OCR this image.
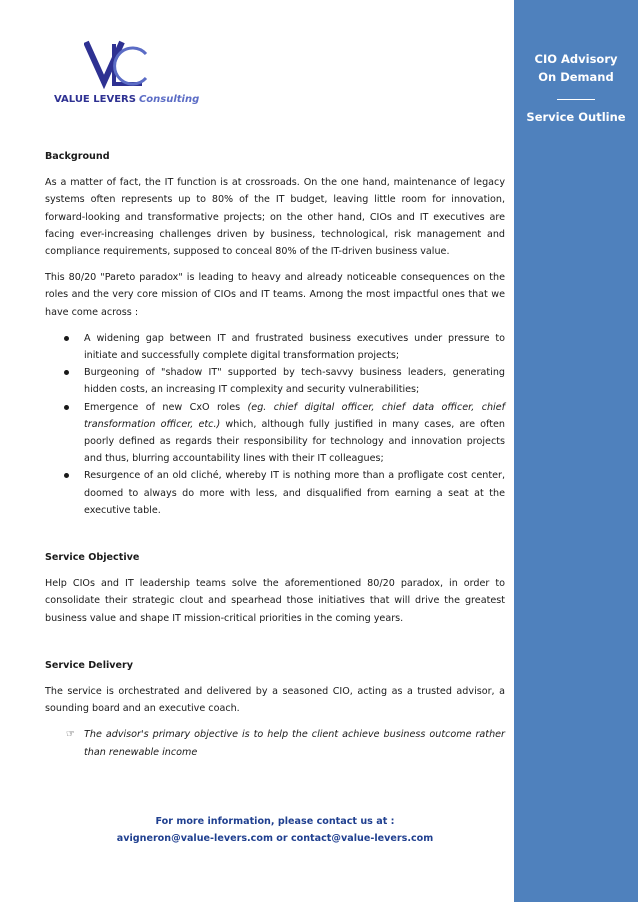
VALUE LEVERS Consulting
CIO Advisory
On Demand
Service Outline

Background

As a matter of fact, the IT function is at crossroads. On the one hand, maintenance of legacy systems often represents up to 80% of the IT budget, leaving little room for innovation, forward-looking and transformative projects; on the other hand, CIOs and IT executives are facing ever-increasing challenges driven by business, technological, risk management and compliance requirements, supposed to conceal 80% of the IT-driven business value.

This 80/20 "Pareto paradox" is leading to heavy and already noticeable consequences on the roles and the very core mission of CIOs and IT teams. Among the most impactful ones that we have come across :

A widening gap between IT and frustrated business executives under pressure to initiate and successfully complete digital transformation projects;
Burgeoning of "shadow IT" supported by tech-savvy business leaders, generating hidden costs, an increasing IT complexity and security vulnerabilities;
Emergence of new CxO roles (eg. chief digital officer, chief data officer, chief transformation officer, etc.) which, although fully justified in many cases, are often poorly defined as regards their responsibility for technology and innovation projects and thus, blurring accountability lines with their IT colleagues;
Resurgence of an old cliché, whereby IT is nothing more than a profligate cost center, doomed to always do more with less, and disqualified from earning a seat at the executive table.

Service Objective

Help CIOs and IT leadership teams solve the aforementioned 80/20 paradox, in order to consolidate their strategic clout and spearhead those initiatives that will drive the greatest business value and shape IT mission-critical priorities in the coming years.

Service Delivery

The service is orchestrated and delivered by a seasoned CIO, acting as a trusted advisor, a sounding board and an executive coach.

☞ The advisor's primary objective is to help the client achieve business outcome rather than renewable income
For more information, please contact us at :
avigneron@value-levers.com or contact@value-levers.com
